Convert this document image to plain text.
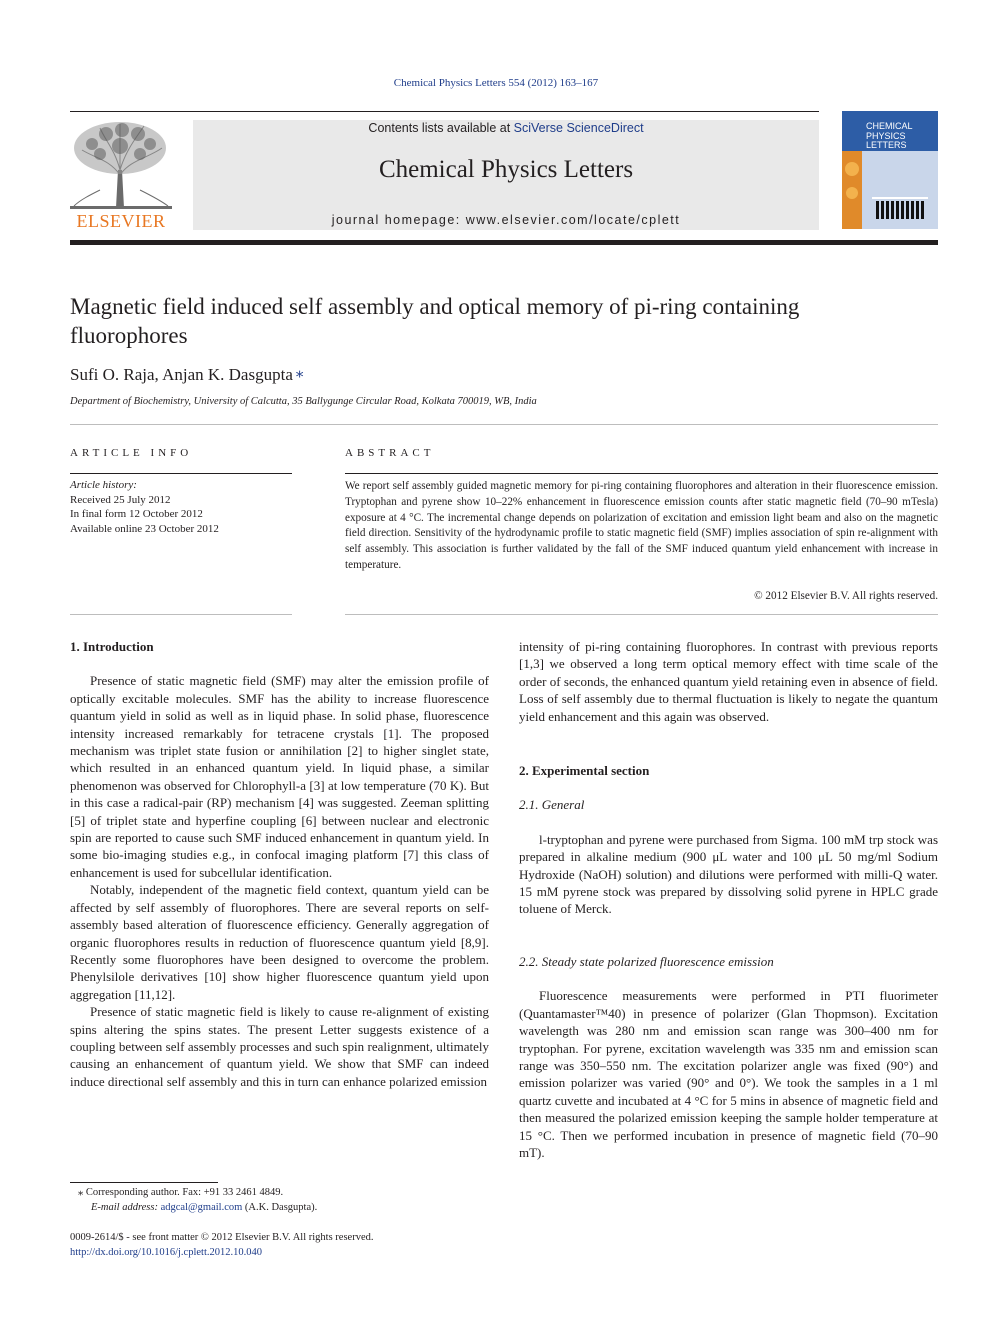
Chemical Physics Letters 554 (2012) 163–167
ELSEVIER
Contents lists available at SciVerse ScienceDirect
Chemical Physics Letters
journal homepage: www.elsevier.com/locate/cplett
CHEMICAL
PHYSICS
LETTERS
Magnetic field induced self assembly and optical memory of pi-ring containing fluorophores
Sufi O. Raja, Anjan K. Dasgupta ⁎
Department of Biochemistry, University of Calcutta, 35 Ballygunge Circular Road, Kolkata 700019, WB, India
ARTICLE INFO	ABSTRACT
Article history:
Received 25 July 2012
In final form 12 October 2012
Available online 23 October 2012
We report self assembly guided magnetic memory for pi-ring containing fluorophores and alteration in their fluorescence emission. Tryptophan and pyrene show 10–22% enhancement in fluorescence emission counts after static magnetic field (70–90 mTesla) exposure at 4 °C. The incremental change depends on polarization of excitation and emission light beam and also on the magnetic field direction. Sensitivity of the hydrodynamic profile to static magnetic field (SMF) implies association of spin re-alignment with self assembly. This association is further validated by the fall of the SMF induced quantum yield enhancement with increase in temperature.
© 2012 Elsevier B.V. All rights reserved.
1. Introduction

Presence of static magnetic field (SMF) may alter the emission profile of optically excitable molecules. SMF has the ability to increase fluorescence quantum yield in solid as well as in liquid phase. In solid phase, fluorescence intensity increased remarkably for tetracene crystals [1]. The proposed mechanism was triplet state fusion or annihilation [2] to higher singlet state, which resulted in an enhanced quantum yield. In liquid phase, a similar phenomenon was observed for Chlorophyll-a [3] at low temperature (70 K). But in this case a radical-pair (RP) mechanism [4] was suggested. Zeeman splitting [5] of triplet state and hyperfine coupling [6] between nuclear and electronic spin are reported to cause such SMF induced enhancement in quantum yield. In some bio-imaging studies e.g., in confocal imaging platform [7] this class of enhancement is used for subcellular identification.

Notably, independent of the magnetic field context, quantum yield can be affected by self assembly of fluorophores. There are several reports on self-assembly based alteration of fluorescence efficiency. Generally aggregation of organic fluorophores results in reduction of fluorescence quantum yield [8,9]. Recently some fluorophores have been designed to overcome the problem. Phenylsilole derivatives [10] show higher fluorescence quantum yield upon aggregation [11,12].

Presence of static magnetic field is likely to cause re-alignment of existing spins altering the spins states. The present Letter suggests existence of a coupling between self assembly processes and such spin realignment, ultimately causing an enhancement of quantum yield. We show that SMF can indeed induce directional self assembly and this in turn can enhance polarized emission

intensity of pi-ring containing fluorophores. In contrast with previous reports [1,3] we observed a long term optical memory effect with time scale of the order of seconds, the enhanced quantum yield retaining even in absence of field. Loss of self assembly due to thermal fluctuation is likely to negate the quantum yield enhancement and this again was observed.

2. Experimental section
2.1. General

l-tryptophan and pyrene were purchased from Sigma. 100 mM trp stock was prepared in alkaline medium (900 μL water and 100 μL 50 mg/ml Sodium Hydroxide (NaOH) solution) and dilutions were performed with milli-Q water. 15 mM pyrene stock was prepared by dissolving solid pyrene in HPLC grade toluene of Merck.

2.2. Steady state polarized fluorescence emission

Fluorescence measurements were performed in PTI fluorimeter (Quantamaster™40) in presence of polarizer (Glan Thopmson). Excitation wavelength was 280 nm and emission scan range was 300–400 nm for tryptophan. For pyrene, excitation wavelength was 335 nm and emission scan range was 350–550 nm. The excitation polarizer angle was fixed (90°) and emission polarizer was varied (90° and 0°). We took the samples in a 1 ml quartz cuvette and incubated at 4 °C for 5 mins in absence of magnetic field and then measured the polarized emission keeping the sample holder temperature at 15 °C. Then we performed incubation in presence of magnetic field (70–90 mT).

⁎ Corresponding author. Fax: +91 33 2461 4849.
E-mail address: adgcal@gmail.com (A.K. Dasgupta).
0009-2614/$ - see front matter © 2012 Elsevier B.V. All rights reserved.
http://dx.doi.org/10.1016/j.cplett.2012.10.040
